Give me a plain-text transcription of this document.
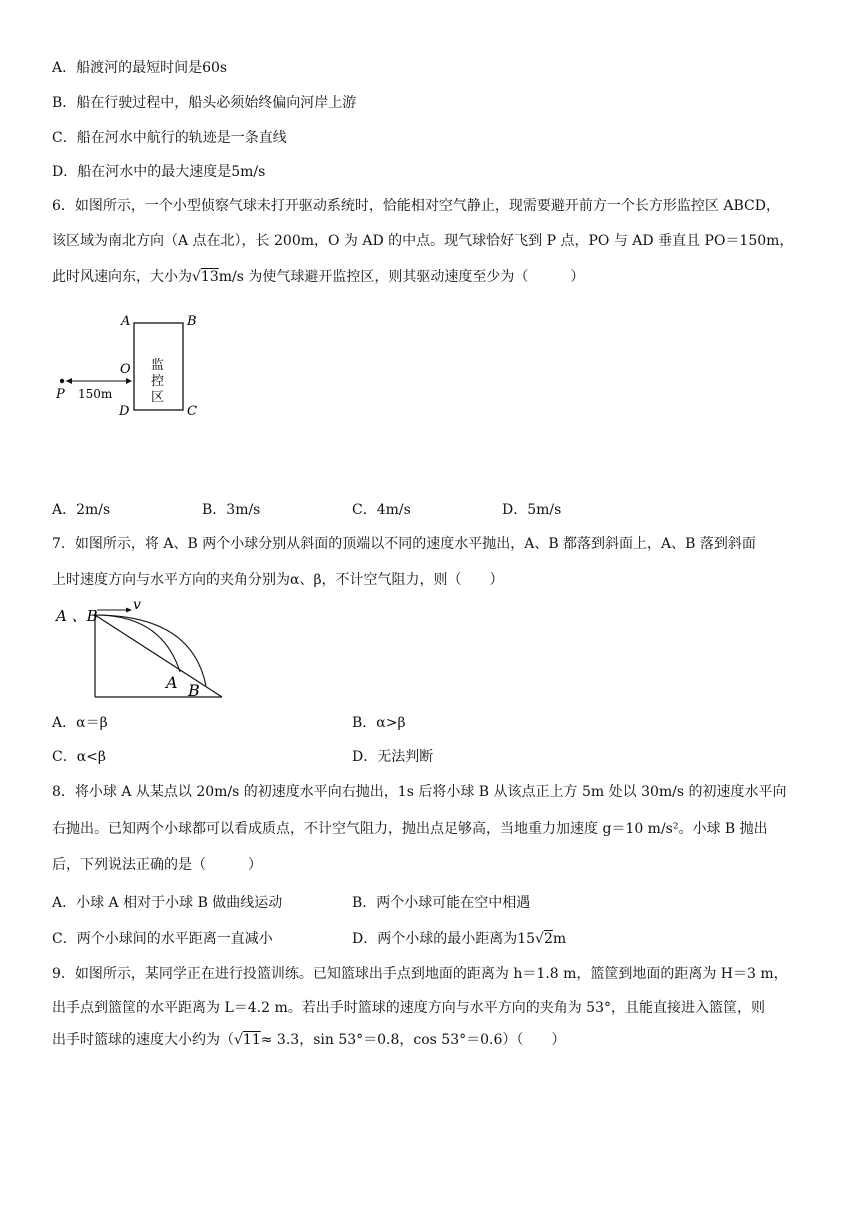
A．船渡河的最短时间是60s
B．船在行驶过程中，船头必须始终偏向河岸上游
C．船在河水中航行的轨迹是一条直线
D．船在河水中的最大速度是5m/s
6．如图所示，一个小型侦察气球未打开驱动系统时，恰能相对空气静止，现需要避开前方一个长方形监控区 ABCD，
该区域为南北方向（A 点在北），长 200m，O 为 AD 的中点。现气球恰好飞到 P 点，PO 与 AD 垂直且 PO＝150m，
此时风速向东，大小为√13m/s 为使气球避开监控区，则其驱动速度至少为（　　　）
A	B
D	C
O
P 150m
监
控
区
A．2m/s	B．3m/s	C．4m/s	D．5m/s
7．如图所示，将 A、B 两个小球分别从斜面的顶端以不同的速度水平抛出，A、B 都落到斜面上，A、B 落到斜面
上时速度方向与水平方向的夹角分别为α、β，不计空气阻力，则（　　）
A 、B
v
A B
A．α＝β	B．α>β
C．α<β	D．无法判断
8．将小球 A 从某点以 20m/s 的初速度水平向右抛出，1s 后将小球 B 从该点正上方 5m 处以 30m/s 的初速度水平向
右抛出。已知两个小球都可以看成质点，不计空气阻力，抛出点足够高，当地重力加速度 g＝10 m/s²。小球 B 抛出
后，下列说法正确的是（　　　）
A．小球 A 相对于小球 B 做曲线运动	B．两个小球可能在空中相遇
C．两个小球间的水平距离一直减小	D．两个小球的最小距离为15√2m
9．如图所示，某同学正在进行投篮训练。已知篮球出手点到地面的距离为 h＝1.8 m，篮筐到地面的距离为 H＝3 m，
出手点到篮筐的水平距离为 L＝4.2 m。若出手时篮球的速度方向与水平方向的夹角为 53°，且能直接进入篮筐，则
出手时篮球的速度大小约为（√11≈ 3.3，sin 53°＝0.8，cos 53°＝0.6）（　　）
